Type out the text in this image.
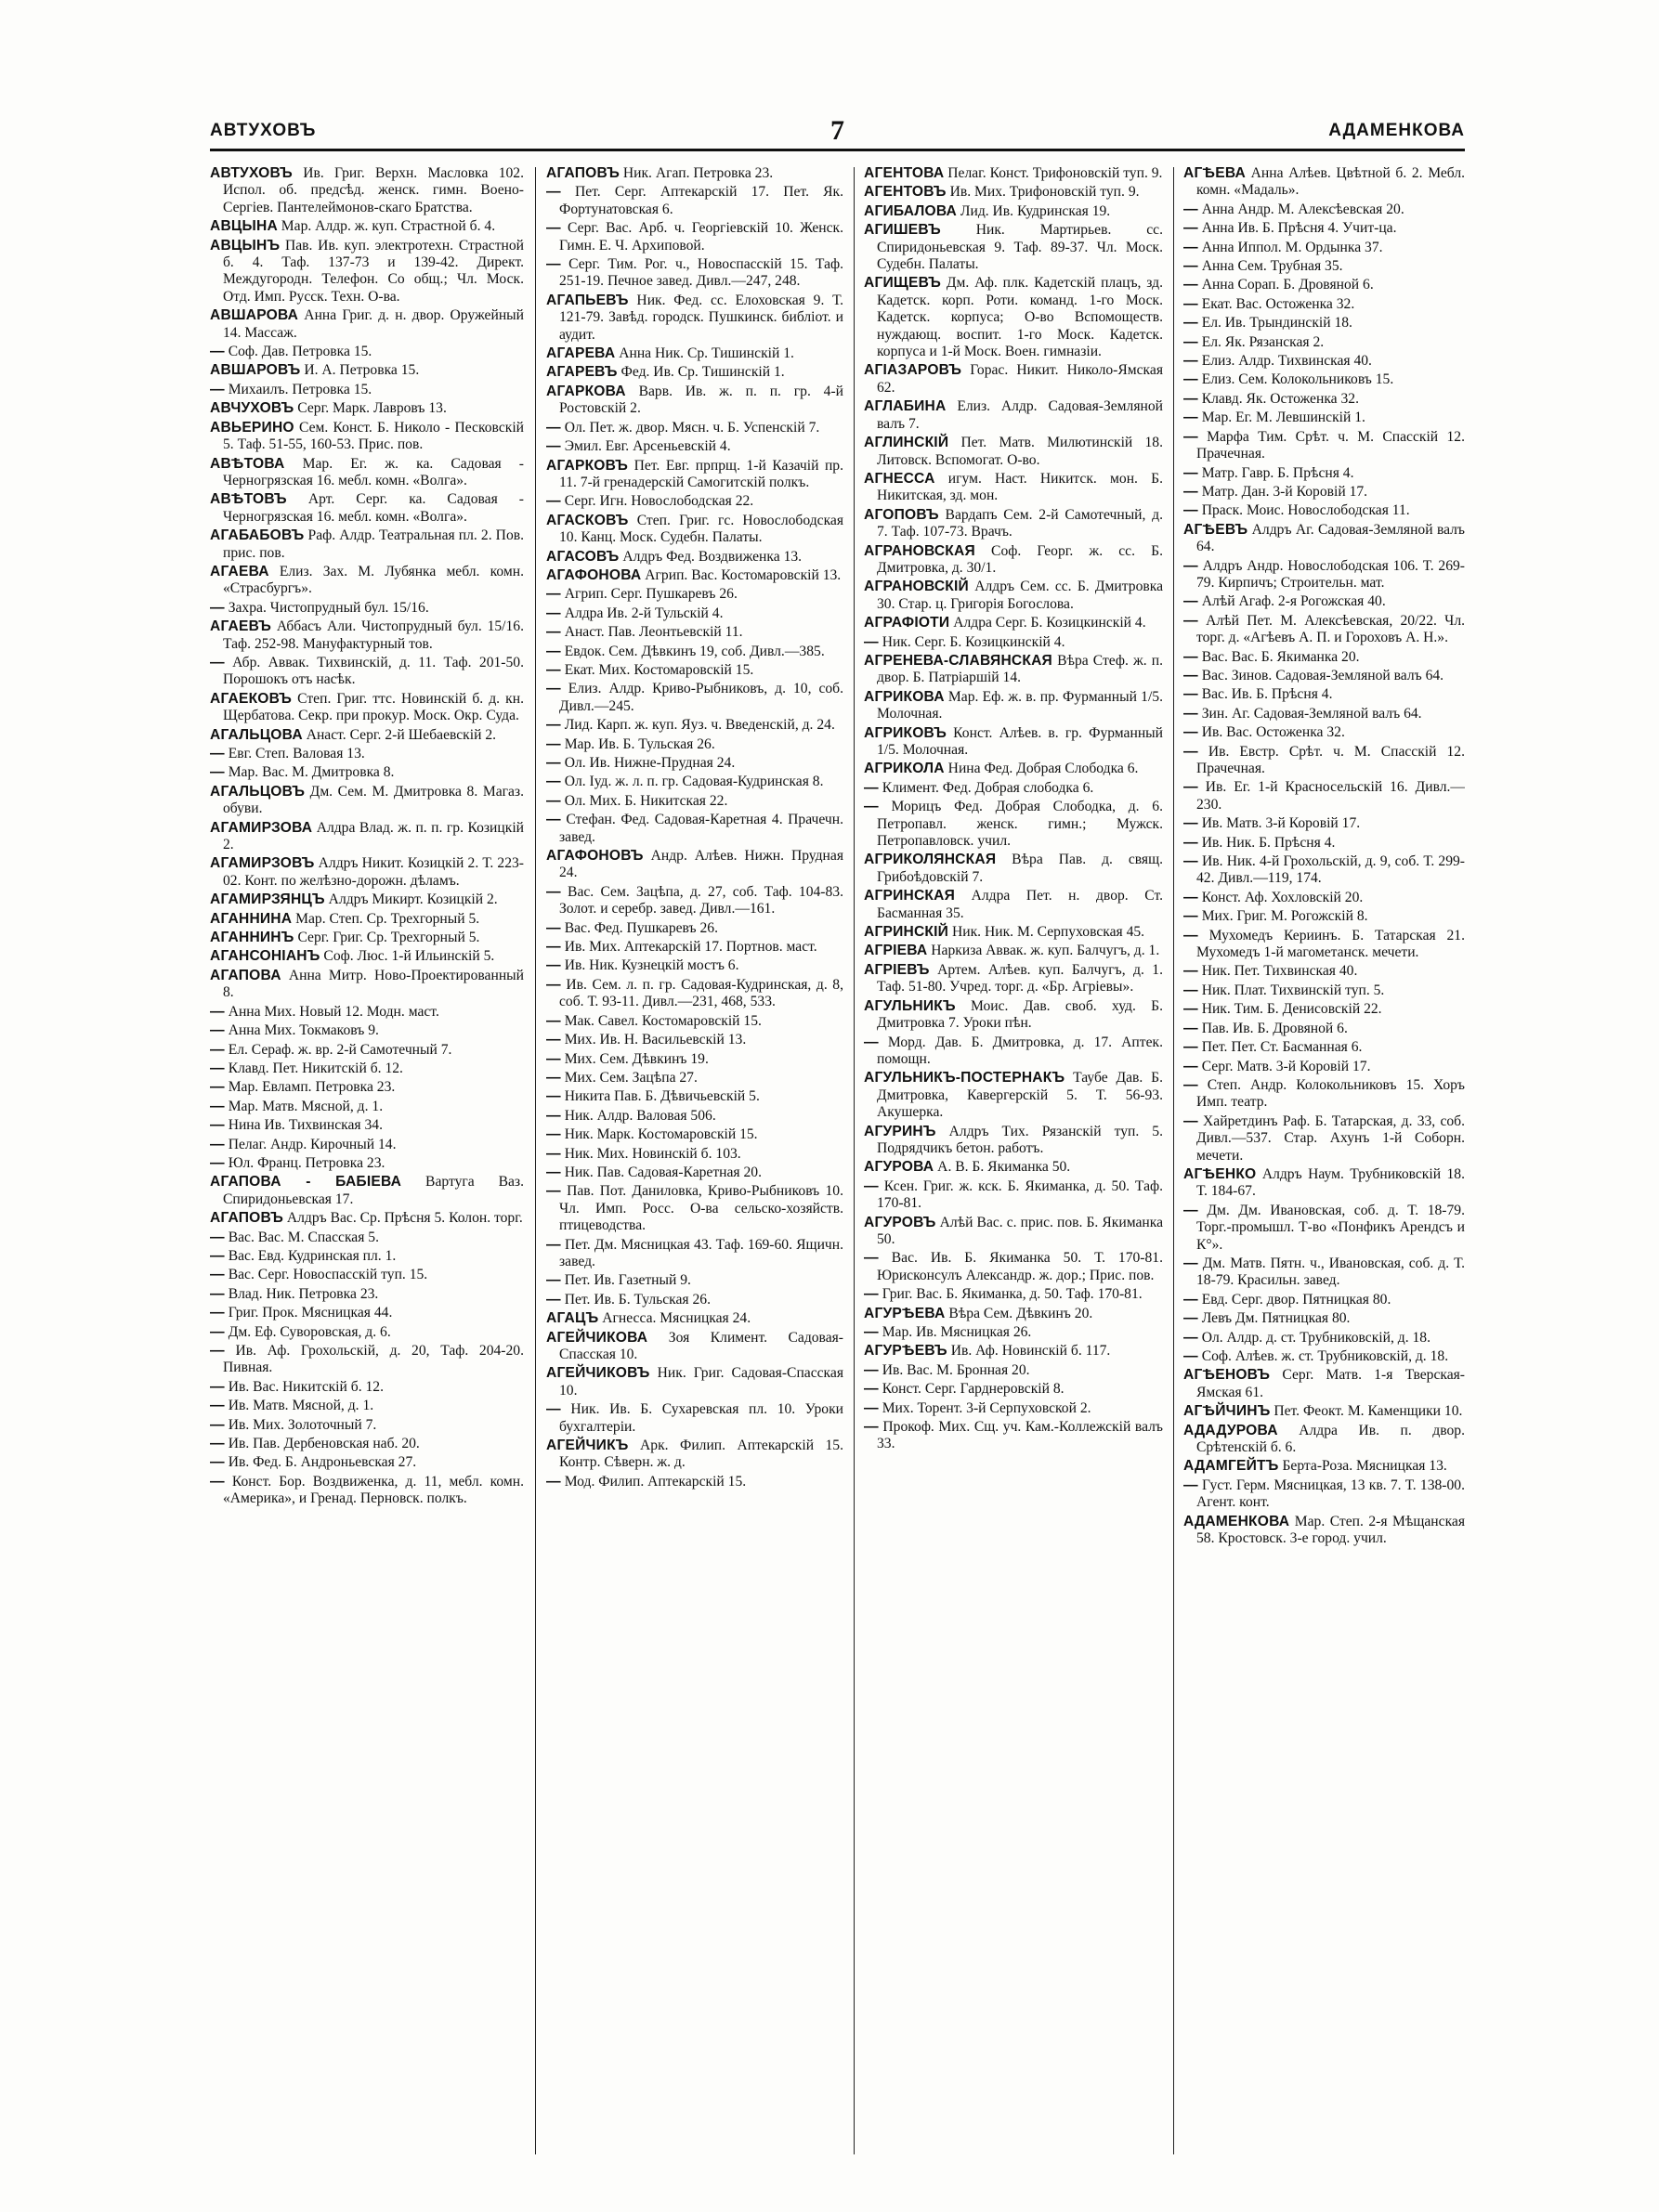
АВТУХОВЪ	7	АДАМЕНКОВА

АВТУХОВЪ Ив. Григ. Верхн. Масловка 102. Испол. об. предсѣд. женск. гимн. Воено-Сергiев. Пантелеймонов-скаго Братства.

АВЦЫНА Мар. Алдр. ж. куп. Страстной б. 4.

АВЦЫНЪ Пав. Ив. куп. электротехн. Страстной б. 4. Таф. 137-73 и 139-42. Директ. Междугородн. Телефон. Со общ.; Чл. Моск. Отд. Имп. Русск. Техн. О-ва.

АВШАРОВА Анна Григ. д. н. двор. Оружейный 14. Массаж.

— Соф. Дав. Петровка 15.

АВШАРОВЪ И. А. Петровка 15.

— Михаилъ. Петровка 15.

АВЧУХОВЪ Серг. Марк. Лавровъ 13.

АВЬЕРИНО Сем. Конст. Б. Николо - Песковскiй 5. Таф. 51-55, 160-53. Прис. пов.

АВѢТОВА Мар. Ег. ж. ка. Садовая - Черногрязская 16. мебл. комн. «Волга».

АВѢТОВЪ Арт. Серг. ка. Садовая - Черногрязская 16. мебл. комн. «Волга».

АГАБАБОВЪ Раф. Алдр. Театральная пл. 2. Пов. прис. пов.

АГАЕВА Елиз. Зах. М. Лубянка мебл. комн. «Страсбургъ».

— Захра. Чистопрудный бул. 15/16.

АГАЕВЪ Аббасъ Али. Чистопрудный бул. 15/16. Таф. 252-98. Мануфактурный тов.

— Абр. Аввак. Тихвинскiй, д. 11. Таф. 201-50. Порошокъ отъ насѣк.

АГАЕКОВЪ Степ. Григ. ттс. Новинскiй б. д. кн. Щербатова. Секр. при прокур. Моск. Окр. Суда.

АГАЛЬЦОВА Анаст. Серг. 2-й Шебаевскiй 2.

— Евг. Степ. Валовая 13.

— Мар. Вас. М. Дмитровка 8.

АГАЛЬЦОВЪ Дм. Сем. М. Дмитровка 8. Магаз. обуви.

АГАМИРЗОВА Алдра Влад. ж. п. п. гр. Козицкiй 2.

АГАМИРЗОВЪ Алдръ Никит. Козицкiй 2. Т. 223-02. Конт. по желѣзно-дорожн. дѣламъ.

АГАМИРЗЯНЦЪ Алдръ Микирт. Козицкiй 2.

АГАННИНА Мар. Степ. Ср. Трехгорный 5.

АГАННИНЪ Серг. Григ. Ср. Трехгорный 5.

АГАНСОНIАНЪ Соф. Люс. 1-й Ильинскiй 5.

АГАПОВА Анна Митр. Ново-Проектированный 8.

— Анна Мих. Новый 12. Модн. маст.

— Анна Мих. Токмаковъ 9.

— Ел. Сераф. ж. вр. 2-й Самотечный 7.

— Клавд. Пет. Никитскiй б. 12.

— Мар. Евламп. Петровка 23.

— Мар. Матв. Мясной, д. 1.

— Нина Ив. Тихвинская 34.

— Пелаг. Андр. Кирочный 14.

— Юл. Франц. Петровка 23.

АГАПОВА - БАБIЕВА Вартуга Ваз. Спиридоньевская 17.

АГАПОВЪ Алдръ Вас. Ср. Прѣсня 5. Колон. торг.

— Вас. Вас. М. Спасская 5.

— Вас. Евд. Кудринская пл. 1.

— Вас. Серг. Новоспасскiй туп. 15.

— Влад. Ник. Петровка 23.

— Григ. Прок. Мясницкая 44.

— Дм. Еф. Суворовская, д. 6.

— Ив. Аф. Грохольскiй, д. 20, Таф. 204-20. Пивная.

— Ив. Вас. Никитскiй б. 12.

— Ив. Матв. Мясной, д. 1.

— Ив. Мих. Золоточный 7.

— Ив. Пав. Дербеновская наб. 20.

— Ив. Фед. Б. Андроньевская 27.

— Конст. Бор. Воздвиженка, д. 11, мебл. комн. «Америка», и Гренад. Перновск. полкъ.

АГАПОВЪ Ник. Агап. Петровка 23.

— Пет. Серг. Аптекарскiй 17. Пет. Як. Фортунатовская 6.

— Серг. Вас. Арб. ч. Георгiевскiй 10. Женск. Гимн. Е. Ч. Архиповой.

— Серг. Тим. Рог. ч., Новоспасскiй 15. Таф. 251-19. Печное завед. Дивл.—247, 248.

АГАПЬЕВЪ Ник. Фед. сс. Елоховская 9. Т. 121-79. Завѣд. городск. Пушкинск. библiот. и аудит.

АГАРЕВА Анна Ник. Ср. Тишинскiй 1.

АГАРЕВЪ Фед. Ив. Ср. Тишинскiй 1.

АГАРКОВА Варв. Ив. ж. п. п. гр. 4-й Ростовскiй 2.

— Ол. Пет. ж. двор. Мясн. ч. Б. Успенскiй 7.

— Эмил. Евг. Арсеньевскiй 4.

АГАРКОВЪ Пет. Евг. прпрщ. 1-й Казачiй пр. 11. 7-й гренадерскiй Самогитскiй полкъ.

— Серг. Игн. Новослободская 22.

АГАСКОВЪ Степ. Григ. гс. Новослободская 10. Канц. Моск. Судебн. Палаты.

АГАСОВЪ Алдръ Фед. Воздвиженка 13.

АГАФОНОВА Агрип. Вас. Костомаровскiй 13.

— Агрип. Серг. Пушкаревъ 26.

— Алдра Ив. 2-й Тульскiй 4.

— Анаст. Пав. Леонтьевскiй 11.

— Евдок. Сем. Дѣвкинъ 19, соб. Дивл.—385.

— Екат. Мих. Костомаровскiй 15.

— Елиз. Алдр. Криво-Рыбниковъ, д. 10, соб. Дивл.—245.

— Лид. Карп. ж. куп. Яуз. ч. Введенскiй, д. 24.

— Мар. Ив. Б. Тульская 26.

— Ол. Ив. Нижне-Прудная 24.

— Ол. Iуд. ж. л. п. гр. Садовая-Кудринская 8.

— Ол. Мих. Б. Никитская 22.

— Стефан. Фед. Садовая-Каретная 4. Прачечн. завед.

АГАФОНОВЪ Андр. Алѣев. Нижн. Прудная 24.

— Вас. Сем. Зацѣпа, д. 27, соб. Таф. 104-83. Золот. и серебр. завед. Дивл.—161.

— Вас. Фед. Пушкаревъ 26.

— Ив. Мих. Аптекарскiй 17. Портнов. маст.

— Ив. Ник. Кузнецкiй мостъ 6.

— Ив. Сем. л. п. гр. Садовая-Кудринская, д. 8, соб. Т. 93-11. Дивл.—231, 468, 533.

— Мак. Савел. Костомаровскiй 15.

— Мих. Ив. Н. Васильевскiй 13.

— Мих. Сем. Дѣвкинъ 19.

— Мих. Сем. Зацѣпа 27.

— Никита Пав. Б. Дѣвичьевскiй 5.

— Ник. Алдр. Валовая 506.

— Ник. Марк. Костомаровскiй 15.

— Ник. Мих. Новинскiй б. 103.

— Ник. Пав. Садовая-Каретная 20.

— Пав. Пот. Даниловка, Криво-Рыбниковъ 10. Чл. Имп. Росс. О-ва сельско-хозяйств. птицеводства.

— Пет. Дм. Мясницкая 43. Таф. 169-60. Ящичн. завед.

— Пет. Ив. Газетный 9.

— Пет. Ив. Б. Тульская 26.

АГАЦЪ Агнесса. Мясницкая 24.

АГЕЙЧИКОВА Зоя Климент. Садовая-Спасская 10.

АГЕЙЧИКОВЪ Ник. Григ. Садовая-Спасская 10.

— Ник. Ив. Б. Сухаревская пл. 10. Уроки бухгалтерiи.

АГЕЙЧИКЪ Арк. Филип. Аптекарскiй 15. Контр. Сѣверн. ж. д.

— Мод. Филип. Аптекарскiй 15.

АГЕНТОВА Пелаг. Конст. Трифоновскiй туп. 9.

АГЕНТОВЪ Ив. Мих. Трифоновскiй туп. 9.

АГИБАЛОВА Лид. Ив. Кудринская 19.

АГИШЕВЪ Ник. Мартирьев. сс. Спиридоньевская 9. Таф. 89-37. Чл. Моск. Судебн. Палаты.

АГИЩЕВЪ Дм. Аф. плк. Кадетскiй плацъ, зд. Кадетск. корп. Роти. команд. 1-го Моск. Кадетск. корпуса; О-во Вспомоществ. нуждающ. воспит. 1-го Моск. Кадетск. корпуса и 1-й Моск. Воен. гимназiи.

АГIАЗАРОВЪ Горас. Никит. Николо-Ямская 62.

АГЛАБИНА Елиз. Алдр. Садовая-Земляной валъ 7.

АГЛИНСКIЙ Пет. Матв. Милютинскiй 18. Литовск. Вспомогат. О-во.

АГНЕССА игум. Наст. Никитск. мон. Б. Никитская, зд. мон.

АГОПОВЪ Вардапъ Сем. 2-й Самотечный, д. 7. Таф. 107-73. Врачъ.

АГРАНОВСКАЯ Соф. Георг. ж. сс. Б. Дмитровка, д. 30/1.

АГРАНОВСКIЙ Алдръ Сем. сс. Б. Дмитровка 30. Стар. ц. Григорiя Богослова.

АГРАФIОТИ Алдра Серг. Б. Козицкинскiй 4.

— Ник. Серг. Б. Козицкинскiй 4.

АГРЕНЕВА-СЛАВЯНСКАЯ Вѣра Стеф. ж. п. двор. Б. Патрiаршiй 14.

АГРИКОВА Мар. Еф. ж. в. пр. Фурманный 1/5. Молочная.

АГРИКОВЪ Конст. Алѣев. в. гр. Фурманный 1/5. Молочная.

АГРИКОЛА Нина Фед. Добрая Слободка 6.

— Климент. Фед. Добрая слободка 6.

— Морицъ Фед. Добрая Слободка, д. 6. Петропавл. женск. гимн.; Мужск. Петропавловск. учил.

АГРИКОЛЯНСКАЯ Вѣра Пав. д. свящ. Грибоѣдовскiй 7.

АГРИНСКАЯ Алдра Пет. н. двор. Ст. Басманная 35.

АГРИНСКIЙ Ник. Ник. М. Серпуховская 45.

АГРIЕВА Наркиза Аввак. ж. куп. Балчугъ, д. 1.

АГРIЕВЪ Артем. Алѣев. куп. Балчугъ, д. 1. Таф. 51-80. Учред. торг. д. «Бр. Агрiевы».

АГУЛЬНИКЪ Моис. Дав. своб. худ. Б. Дмитровка 7. Уроки пѣн.

— Морд. Дав. Б. Дмитровка, д. 17. Аптек. помощн.

АГУЛЬНИКЪ-ПОСТЕРНАКЪ Таубе Дав. Б. Дмитровка, Кавергерскiй 5. Т. 56-93. Акушерка.

АГУРИНЪ Алдръ Тих. Рязанскiй туп. 5. Подрядчикъ бетон. работъ.

АГУРОВА А. В. Б. Якиманка 50.

— Ксен. Григ. ж. кск. Б. Якиманка, д. 50. Таф. 170-81.

АГУРОВЪ Алѣй Вас. с. прис. пов. Б. Якиманка 50.

— Вас. Ив. Б. Якиманка 50. Т. 170-81. Юрисконсулъ Александр. ж. дор.; Прис. пов.

— Григ. Вас. Б. Якиманка, д. 50. Таф. 170-81.

АГУРѢЕВА Вѣра Сем. Дѣвкинъ 20.

— Мар. Ив. Мясницкая 26.

АГУРѢЕВЪ Ив. Аф. Новинскiй б. 117.

— Ив. Вас. М. Бронная 20.

— Конст. Серг. Гарднеровскiй 8.

— Мих. Торент. 3-й Серпуховской 2.

— Прокоф. Мих. Сщ. уч. Кам.-Коллежскiй валъ 33.

АГѢЕВА Анна Алѣев. Цвѣтной б. 2. Мебл. комн. «Мадаль».

— Анна Андр. М. Алексѣевская 20.

— Анна Ив. Б. Прѣсня 4. Учит-ца.

— Анна Иппол. М. Ордынка 37.

— Анна Сем. Трубная 35.

— Анна Сорап. Б. Дровяной 6.

— Екат. Вас. Остоженка 32.

— Ел. Ив. Трындинскiй 18.

— Ел. Як. Рязанская 2.

— Елиз. Алдр. Тихвинская 40.

— Елиз. Сем. Колокольниковъ 15.

— Клавд. Як. Остоженка 32.

— Мар. Ег. М. Левшинскiй 1.

— Марфа Тим. Срѣт. ч. М. Спасскiй 12. Прачечная.

— Матр. Гавр. Б. Прѣсня 4.

— Матр. Дан. 3-й Коровiй 17.

— Праск. Моис. Новослободская 11.

АГѢЕВЪ Алдръ Аг. Садовая-Земляной валъ 64.

— Алдръ Андр. Новослободская 106. Т. 269-79. Кирпичъ; Строительн. мат.

— Алѣй Агаф. 2-я Рогожская 40.

— Алѣй Пет. М. Алексѣевская, 20/22. Чл. торг. д. «Агѣевъ А. П. и Гороховъ А. Н.».

— Вас. Вас. Б. Якиманка 20.

— Вас. Зинов. Садовая-Земляной валъ 64.

— Вас. Ив. Б. Прѣсня 4.

— Зин. Аг. Садовая-Земляной валъ 64.

— Ив. Вас. Остоженка 32.

— Ив. Евстр. Срѣт. ч. М. Спасскiй 12. Прачечная.

— Ив. Ег. 1-й Красносельскiй 16. Дивл.—230.

— Ив. Матв. 3-й Коровiй 17.

— Ив. Ник. Б. Прѣсня 4.

— Ив. Ник. 4-й Грохольскiй, д. 9, соб. Т. 299-42. Дивл.—119, 174.

— Конст. Аф. Хохловскiй 20.

— Мих. Григ. М. Рогожскiй 8.

— Мухомедъ Кериинъ. Б. Татарская 21. Мухомедъ 1-й магометанск. мечети.

— Ник. Пет. Тихвинская 40.

— Ник. Плат. Тихвинскiй туп. 5.

— Ник. Тим. Б. Денисовскiй 22.

— Пав. Ив. Б. Дровяной 6.

— Пет. Пет. Ст. Басманная 6.

— Серг. Матв. 3-й Коровiй 17.

— Степ. Андр. Колокольниковъ 15. Хоръ Имп. театр.

— Хайретдинъ Раф. Б. Татарская, д. 33, соб. Дивл.—537. Стар. Ахунъ 1-й Соборн. мечети.

АГѢЕНКО Алдръ Наум. Трубниковскiй 18. Т. 184-67.

— Дм. Дм. Ивановская, соб. д. Т. 18-79. Торг.-промышл. Т-во «Понфикъ Арендсъ и К°».

— Дм. Матв. Пятн. ч., Ивановская, соб. д. Т. 18-79. Красильн. завед.

— Евд. Серг. двор. Пятницкая 80.

— Левъ Дм. Пятницкая 80.

— Ол. Алдр. д. ст. Трубниковскiй, д. 18.

— Соф. Алѣев. ж. ст. Трубниковскiй, д. 18.

АГѢЕНОВЪ Серг. Матв. 1-я Тверская-Ямская 61.

АГѢЙЧИНЪ Пет. Феокт. М. Каменщики 10.

АДАДУРОВА Алдра Ив. п. двор. Срѣтенскiй б. 6.

АДАМГЕЙТЪ Берта-Роза. Мясницкая 13.

— Густ. Герм. Мясницкая, 13 кв. 7. Т. 138-00. Агент. конт.

АДАМЕНКОВА Мар. Степ. 2-я Мѣщанская 58. Кростовск. 3-е город. учил.
